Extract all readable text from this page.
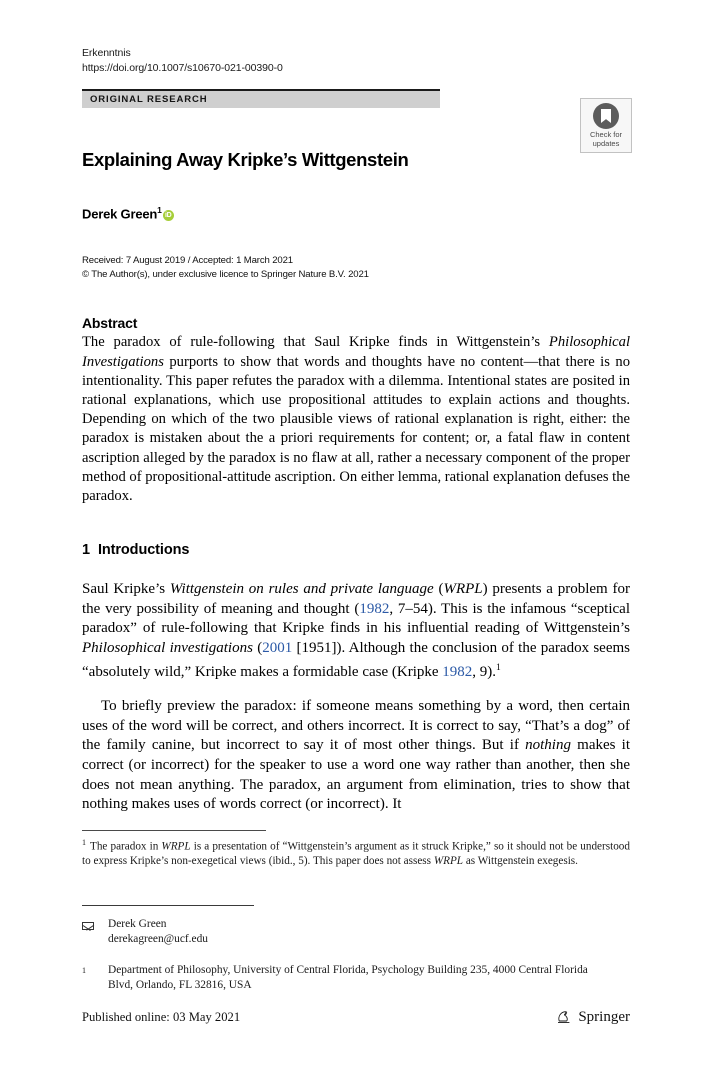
Check for
updates
Erkenntnis
https://doi.org/10.1007/s10670-021-00390-0
ORIGINAL RESEARCH
Explaining Away Kripke’s Wittgenstein
Derek Green$^1$iD
Received: 7 August 2019 / Accepted: 1 March 2021
© The Author(s), under exclusive licence to Springer Nature B.V. 2021
Abstract
The paradox of rule-following that Saul Kripke finds in Wittgenstein’s Philosophical Investigations purports to show that words and thoughts have no content—that there is no intentionality. This paper refutes the paradox with a dilemma. Intentional states are posited in rational explanations, which use propositional attitudes to explain actions and thoughts. Depending on which of the two plausible views of rational explanation is right, either: the paradox is mistaken about the a priori requirements for content; or, a fatal flaw in content ascription alleged by the paradox is no flaw at all, rather a necessary component of the proper method of propositional-attitude ascription. On either lemma, rational explanation defuses the paradox.
1 Introductions

Saul Kripke’s Wittgenstein on rules and private language (WRPL) presents a problem for the very possibility of meaning and thought (1982, 7–54). This is the infamous “sceptical paradox” of rule-following that Kripke finds in his influential reading of Wittgenstein’s Philosophical investigations (2001 [1951]). Although the conclusion of the paradox seems “absolutely wild,” Kripke makes a formidable case (Kripke 1982, 9).$^1$

To briefly preview the paradox: if someone means something by a word, then certain uses of the word will be correct, and others incorrect. It is correct to say, “That’s a dog” of the family canine, but incorrect to say it of most other things. But if nothing makes it correct (or incorrect) for the speaker to use a word one way rather than another, then she does not mean anything. The paradox, an argument from elimination, tries to show that nothing makes uses of words correct (or incorrect). It

$^1$ The paradox in WRPL is a presentation of “Wittgenstein’s argument as it struck Kripke,” so it should not be understood to express Kripke’s non-exegetical views (ibid., 5). This paper does not assess WRPL as Wittgenstein exegesis.
Derek Green
derekagreen@ucf.edu
$^1$	Department of Philosophy, University of Central Florida, Psychology Building 235, 4000 Central Florida Blvd, Orlando, FL 32816, USA
Published online: 03 May 2021	Springer
